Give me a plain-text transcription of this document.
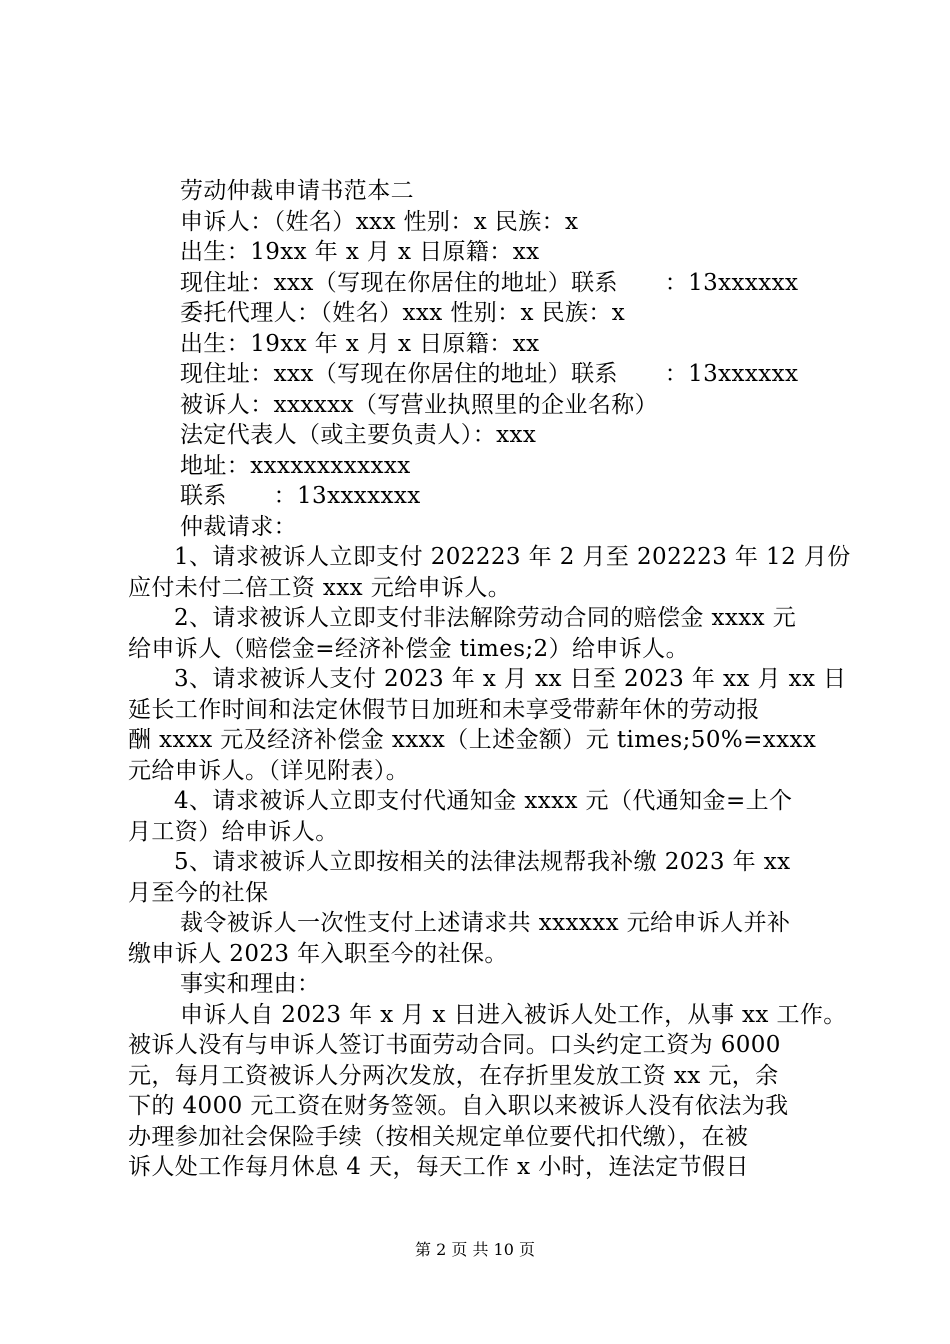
劳动仲裁申请书范本二
申诉人：（姓名）xxx 性别：x 民族：x
出生：19xx 年 x 月 x 日原籍：xx
现住址：xxx（写现在你居住的地址）联系　　：13xxxxxx
委托代理人：（姓名）xxx 性别：x 民族：x
出生：19xx 年 x 月 x 日原籍：xx
现住址：xxx（写现在你居住的地址）联系　　：13xxxxxx
被诉人：xxxxxx（写营业执照里的企业名称）
法定代表人（或主要负责人）：xxx
地址：xxxxxxxxxxxx
联系　　：13xxxxxxx
仲裁请求：
1、请求被诉人立即支付 202223 年 2 月至 202223 年 12 月份
应付未付二倍工资 xxx 元给申诉人。
2、请求被诉人立即支付非法解除劳动合同的赔偿金 xxxx 元
给申诉人（赔偿金=经济补偿金 times;2）给申诉人。
3、请求被诉人支付 2023 年 x 月 xx 日至 2023 年 xx 月 xx 日
延长工作时间和法定休假节日加班和未享受带薪年休的劳动报
酬 xxxx 元及经济补偿金 xxxx（上述金额）元 times;50%=xxxx
元给申诉人。（详见附表）。
4、请求被诉人立即支付代通知金 xxxx 元（代通知金=上个
月工资）给申诉人。
5、请求被诉人立即按相关的法律法规帮我补缴 2023 年 xx
月至今的社保
裁令被诉人一次性支付上述请求共 xxxxxx 元给申诉人并补
缴申诉人 2023 年入职至今的社保。
事实和理由：
申诉人自 2023 年 x 月 x 日进入被诉人处工作，从事 xx 工作。
被诉人没有与申诉人签订书面劳动合同。口头约定工资为 6000
元，每月工资被诉人分两次发放，在存折里发放工资 xx 元，余
下的 4000 元工资在财务签领。自入职以来被诉人没有依法为我
办理参加社会保险手续（按相关规定单位要代扣代缴），在被
诉人处工作每月休息 4 天，每天工作 x 小时，连法定节假日
第 2 页 共 10 页
